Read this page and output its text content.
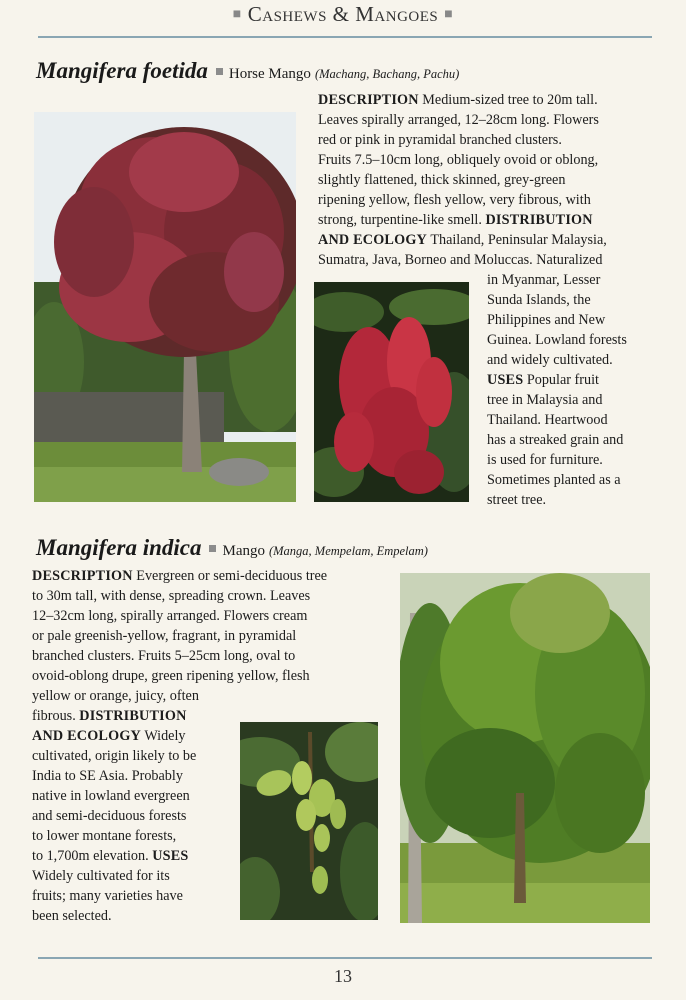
■ Cashews & Mangoes ■
Mangifera foetida Horse Mango (Machang, Bachang, Pachu)
DESCRIPTION Medium-sized tree to 20m tall.
Leaves spirally arranged, 12–28cm long. Flowers
red or pink in pyramidal branched clusters.
Fruits 7.5–10cm long, obliquely ovoid or oblong,
slightly flattened, thick skinned, grey-green
ripening yellow, flesh yellow, very fibrous, with
strong, turpentine-like smell. DISTRIBUTION
AND ECOLOGY Thailand, Peninsular Malaysia,
Sumatra, Java, Borneo and Moluccas. Naturalized
in Myanmar, Lesser
Sunda Islands, the
Philippines and New
Guinea. Lowland forests
and widely cultivated.
USES Popular fruit
tree in Malaysia and
Thailand. Heartwood
has a streaked grain and
is used for furniture.
Sometimes planted as a
street tree.
Mangifera indica Mango (Manga, Mempelam, Empelam)
DESCRIPTION Evergreen or semi-deciduous tree
to 30m tall, with dense, spreading crown. Leaves
12–32cm long, spirally arranged. Flowers cream
or pale greenish-yellow, fragrant, in pyramidal
branched clusters. Fruits 5–25cm long, oval to
ovoid-oblong drupe, green ripening yellow, flesh
yellow or orange, juicy, often
fibrous. DISTRIBUTION
AND ECOLOGY Widely
cultivated, origin likely to be
India to SE Asia. Probably
native in lowland evergreen
and semi-deciduous forests
to lower montane forests,
to 1,700m elevation. USES
Widely cultivated for its
fruits; many varieties have
been selected.
13
